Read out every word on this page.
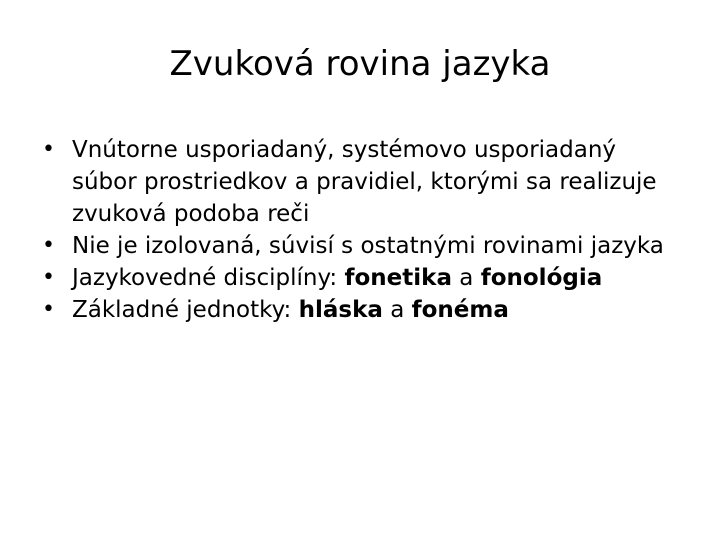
Zvuková rovina jazyka
• Vnútorne usporiadaný, systémovo usporiadaný súbor prostriedkov a pravidiel, ktorými sa realizuje zvuková podoba reči
• Nie je izolovaná, súvisí s ostatnými rovinami jazyka
• Jazykovedné disciplíny: fonetika a fonológia
• Základné jednotky: hláska a fonéma
